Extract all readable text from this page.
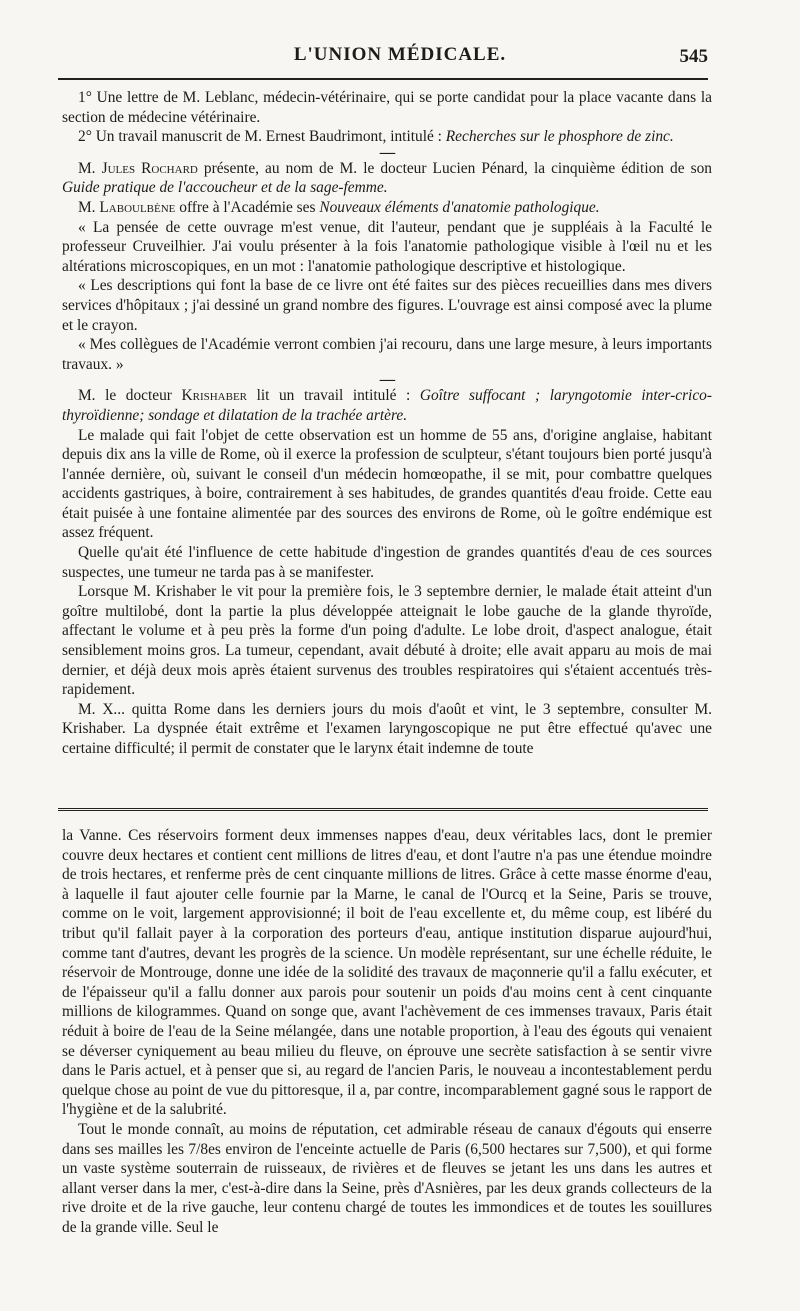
L'UNION MÉDICALE.	545

1° Une lettre de M. Leblanc, médecin-vétérinaire, qui se porte candidat pour la place vacante dans la section de médecine vétérinaire.

2° Un travail manuscrit de M. Ernest Baudrimont, intitulé : Recherches sur le phosphore de zinc.

—

M. Jules Rochard présente, au nom de M. le docteur Lucien Pénard, la cinquième édition de son Guide pratique de l'accoucheur et de la sage-femme.

M. Laboulbène offre à l'Académie ses Nouveaux éléments d'anatomie pathologique.

« La pensée de cette ouvrage m'est venue, dit l'auteur, pendant que je suppléais à la Faculté le professeur Cruveilhier. J'ai voulu présenter à la fois l'anatomie pathologique visible à l'œil nu et les altérations microscopiques, en un mot : l'anatomie pathologique descriptive et histologique.

« Les descriptions qui font la base de ce livre ont été faites sur des pièces recueillies dans mes divers services d'hôpitaux ; j'ai dessiné un grand nombre des figures. L'ouvrage est ainsi composé avec la plume et le crayon.

« Mes collègues de l'Académie verront combien j'ai recouru, dans une large mesure, à leurs importants travaux. »

—

M. le docteur Krishaber lit un travail intitulé : Goître suffocant ; laryngotomie inter-crico-thyroïdienne; sondage et dilatation de la trachée artère.

Le malade qui fait l'objet de cette observation est un homme de 55 ans, d'origine anglaise, habitant depuis dix ans la ville de Rome, où il exerce la profession de sculpteur, s'étant toujours bien porté jusqu'à l'année dernière, où, suivant le conseil d'un médecin homœopathe, il se mit, pour combattre quelques accidents gastriques, à boire, contrairement à ses habitudes, de grandes quantités d'eau froide. Cette eau était puisée à une fontaine alimentée par des sources des environs de Rome, où le goître endémique est assez fréquent.

Quelle qu'ait été l'influence de cette habitude d'ingestion de grandes quantités d'eau de ces sources suspectes, une tumeur ne tarda pas à se manifester.

Lorsque M. Krishaber le vit pour la première fois, le 3 septembre dernier, le malade était atteint d'un goître multilobé, dont la partie la plus développée atteignait le lobe gauche de la glande thyroïde, affectant le volume et à peu près la forme d'un poing d'adulte. Le lobe droit, d'aspect analogue, était sensiblement moins gros. La tumeur, cependant, avait débuté à droite; elle avait apparu au mois de mai dernier, et déjà deux mois après étaient survenus des troubles respiratoires qui s'étaient accentués très-rapidement.

M. X... quitta Rome dans les derniers jours du mois d'août et vint, le 3 septembre, consulter M. Krishaber. La dyspnée était extrême et l'examen laryngoscopique ne put être effectué qu'avec une certaine difficulté; il permit de constater que le larynx était indemne de toute

la Vanne. Ces réservoirs forment deux immenses nappes d'eau, deux véritables lacs, dont le premier couvre deux hectares et contient cent millions de litres d'eau, et dont l'autre n'a pas une étendue moindre de trois hectares, et renferme près de cent cinquante millions de litres. Grâce à cette masse énorme d'eau, à laquelle il faut ajouter celle fournie par la Marne, le canal de l'Ourcq et la Seine, Paris se trouve, comme on le voit, largement approvisionné; il boit de l'eau excellente et, du même coup, est libéré du tribut qu'il fallait payer à la corporation des porteurs d'eau, antique institution disparue aujourd'hui, comme tant d'autres, devant les progrès de la science. Un modèle représentant, sur une échelle réduite, le réservoir de Montrouge, donne une idée de la solidité des travaux de maçonnerie qu'il a fallu exécuter, et de l'épaisseur qu'il a fallu donner aux parois pour soutenir un poids d'au moins cent à cent cinquante millions de kilogrammes. Quand on songe que, avant l'achèvement de ces immenses travaux, Paris était réduit à boire de l'eau de la Seine mélangée, dans une notable proportion, à l'eau des égouts qui venaient se déverser cyniquement au beau milieu du fleuve, on éprouve une secrète satisfaction à se sentir vivre dans le Paris actuel, et à penser que si, au regard de l'ancien Paris, le nouveau a incontestablement perdu quelque chose au point de vue du pittoresque, il a, par contre, incomparablement gagné sous le rapport de l'hygiène et de la salubrité.

Tout le monde connaît, au moins de réputation, cet admirable réseau de canaux d'égouts qui enserre dans ses mailles les 7/8es environ de l'enceinte actuelle de Paris (6,500 hectares sur 7,500), et qui forme un vaste système souterrain de ruisseaux, de rivières et de fleuves se jetant les uns dans les autres et allant verser dans la mer, c'est-à-dire dans la Seine, près d'Asnières, par les deux grands collecteurs de la rive droite et de la rive gauche, leur contenu chargé de toutes les immondices et de toutes les souillures de la grande ville. Seul le
